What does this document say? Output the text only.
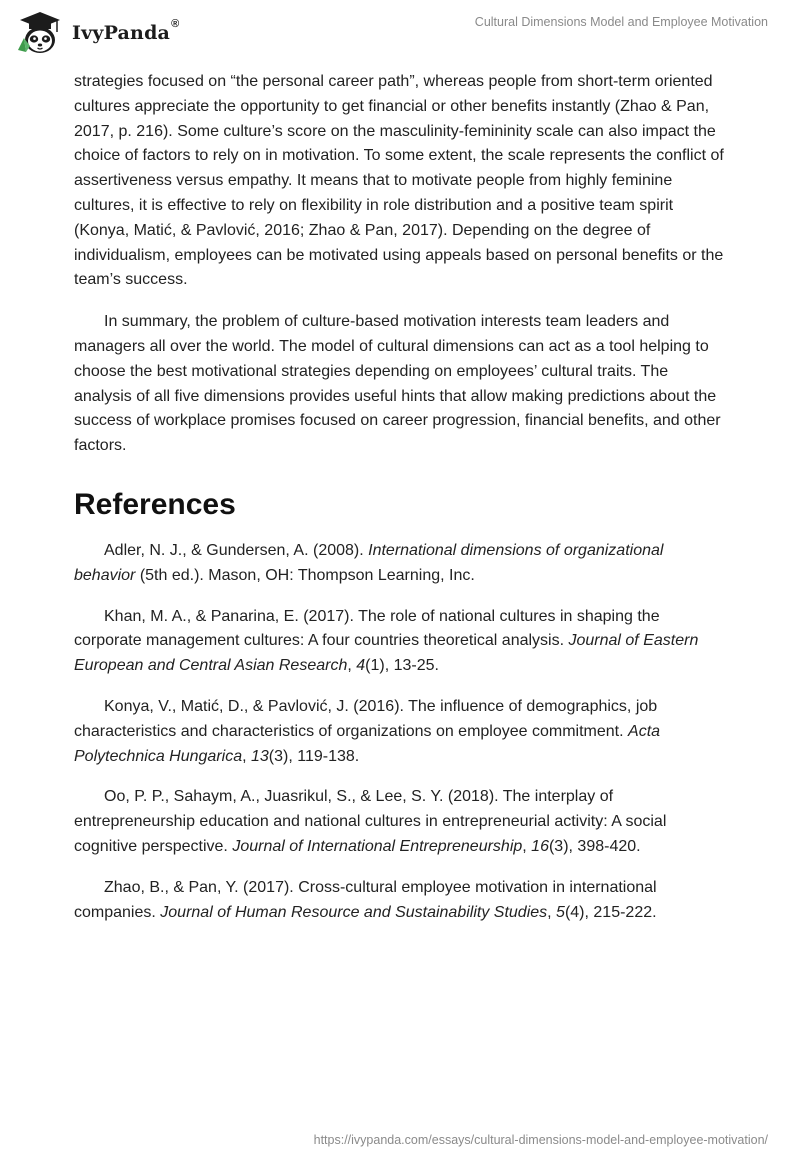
IvyPanda®	Cultural Dimensions Model and Employee Motivation

strategies focused on “the personal career path”, whereas people from short-term oriented cultures appreciate the opportunity to get financial or other benefits instantly (Zhao & Pan, 2017, p. 216). Some culture’s score on the masculinity-femininity scale can also impact the choice of factors to rely on in motivation. To some extent, the scale represents the conflict of assertiveness versus empathy. It means that to motivate people from highly feminine cultures, it is effective to rely on flexibility in role distribution and a positive team spirit (Konya, Matić, & Pavlović, 2016; Zhao & Pan, 2017). Depending on the degree of individualism, employees can be motivated using appeals based on personal benefits or the team’s success.

In summary, the problem of culture-based motivation interests team leaders and managers all over the world. The model of cultural dimensions can act as a tool helping to choose the best motivational strategies depending on employees’ cultural traits. The analysis of all five dimensions provides useful hints that allow making predictions about the success of workplace promises focused on career progression, financial benefits, and other factors.

References

Adler, N. J., & Gundersen, A. (2008). International dimensions of organizational behavior (5th ed.). Mason, OH: Thompson Learning, Inc.

Khan, M. A., & Panarina, E. (2017). The role of national cultures in shaping the corporate management cultures: A four countries theoretical analysis. Journal of Eastern European and Central Asian Research, 4(1), 13-25.

Konya, V., Matić, D., & Pavlović, J. (2016). The influence of demographics, job characteristics and characteristics of organizations on employee commitment. Acta Polytechnica Hungarica, 13(3), 119-138.

Oo, P. P., Sahaym, A., Juasrikul, S., & Lee, S. Y. (2018). The interplay of entrepreneurship education and national cultures in entrepreneurial activity: A social cognitive perspective. Journal of International Entrepreneurship, 16(3), 398-420.

Zhao, B., & Pan, Y. (2017). Cross-cultural employee motivation in international companies. Journal of Human Resource and Sustainability Studies, 5(4), 215-222.

https://ivypanda.com/essays/cultural-dimensions-model-and-employee-motivation/
